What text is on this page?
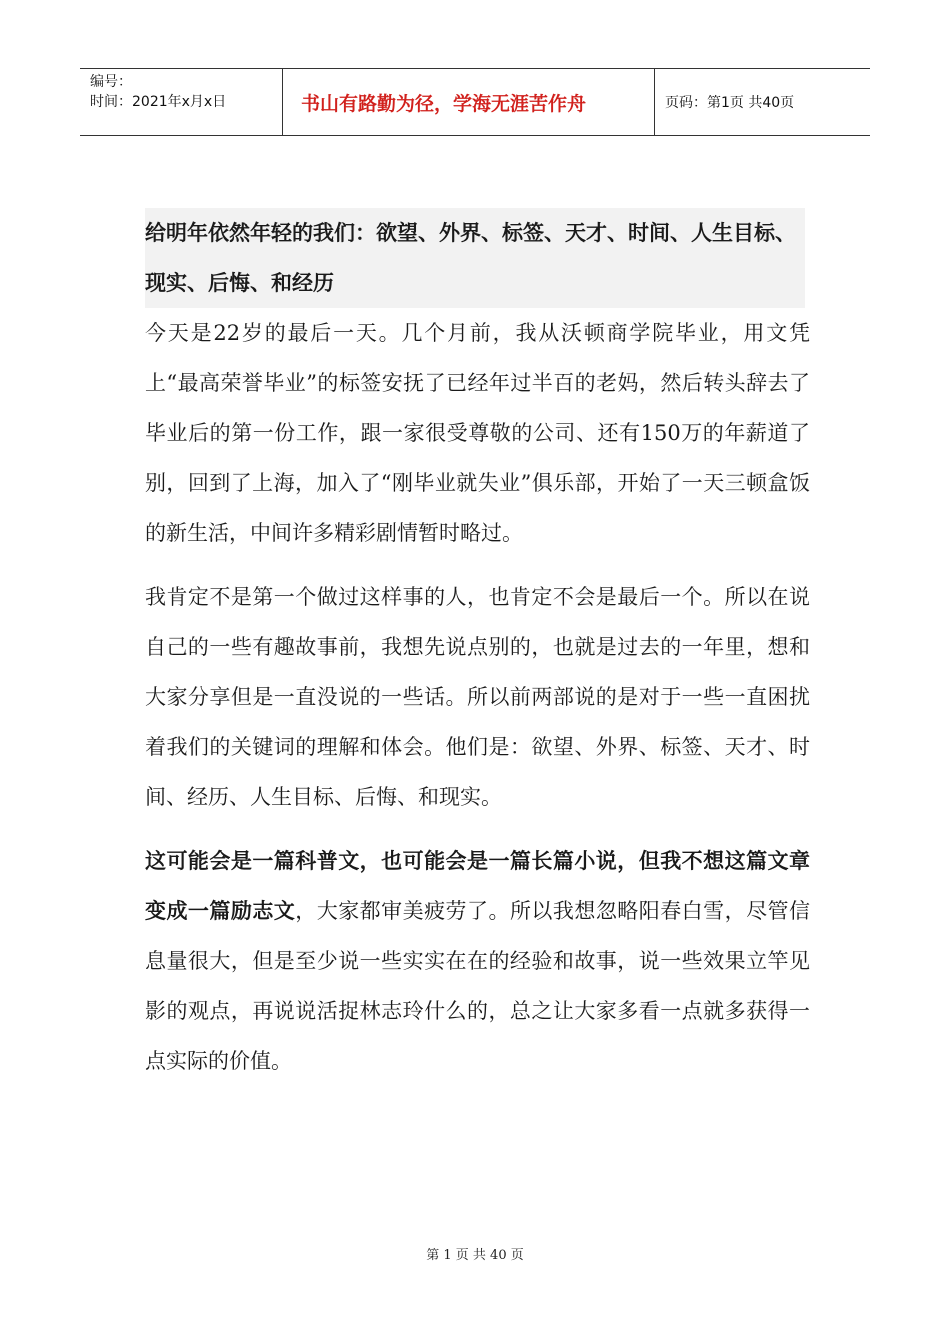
编号：
时间：2021年x月x日	书山有路勤为径，学海无涯苦作舟	页码：第1页 共40页

给明年依然年轻的我们：欲望、外界、标签、天才、时间、人生目标、现实、后悔、和经历

今天是22岁的最后一天。几个月前，我从沃顿商学院毕业，用文凭上“最高荣誉毕业”的标签安抚了已经年过半百的老妈，然后转头辞去了毕业后的第一份工作，跟一家很受尊敬的公司、还有150万的年薪道了别，回到了上海，加入了“刚毕业就失业”俱乐部，开始了一天三顿盒饭的新生活，中间许多精彩剧情暂时略过。

我肯定不是第一个做过这样事的人，也肯定不会是最后一个。所以在说自己的一些有趣故事前，我想先说点别的，也就是过去的一年里，想和大家分享但是一直没说的一些话。所以前两部说的是对于一些一直困扰着我们的关键词的理解和体会。他们是：欲望、外界、标签、天才、时间、经历、人生目标、后悔、和现实。

这可能会是一篇科普文，也可能会是一篇长篇小说，但我不想这篇文章变成一篇励志文，大家都审美疲劳了。所以我想忽略阳春白雪，尽管信息量很大，但是至少说一些实实在在的经验和故事，说一些效果立竿见影的观点，再说说活捉林志玲什么的，总之让大家多看一点就多获得一点实际的价值。

第 1 页 共 40 页
